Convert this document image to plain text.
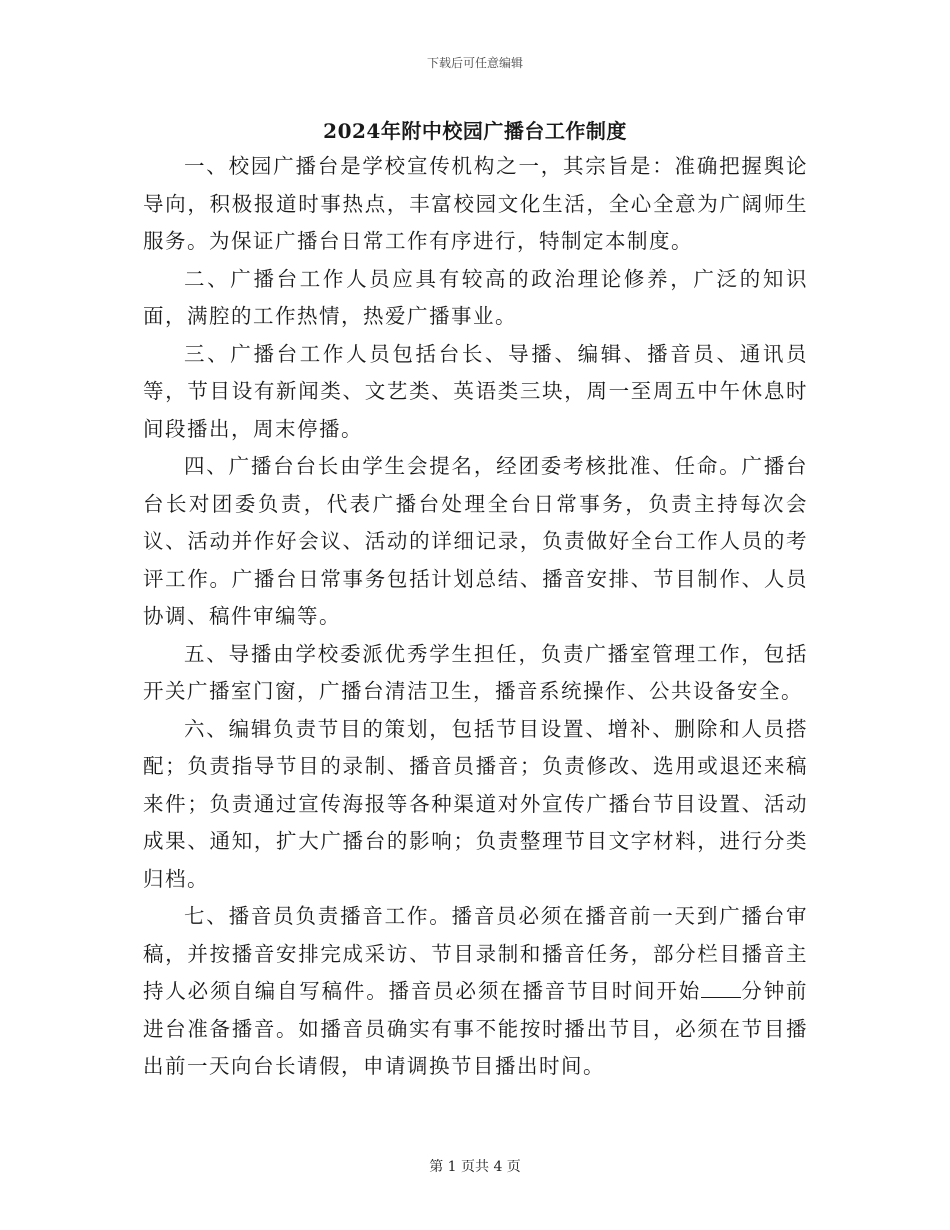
下载后可任意编辑
2024年附中校园广播台工作制度

一、校园广播台是学校宣传机构之一，其宗旨是：准确把握舆论导向，积极报道时事热点，丰富校园文化生活，全心全意为广阔师生服务。为保证广播台日常工作有序进行，特制定本制度。

二、广播台工作人员应具有较高的政治理论修养，广泛的知识面，满腔的工作热情，热爱广播事业。

三、广播台工作人员包括台长、导播、编辑、播音员、通讯员等，节目设有新闻类、文艺类、英语类三块，周一至周五中午休息时间段播出，周末停播。

四、广播台台长由学生会提名，经团委考核批准、任命。广播台台长对团委负责，代表广播台处理全台日常事务，负责主持每次会议、活动并作好会议、活动的详细记录，负责做好全台工作人员的考评工作。广播台日常事务包括计划总结、播音安排、节目制作、人员协调、稿件审编等。

五、导播由学校委派优秀学生担任，负责广播室管理工作，包括开关广播室门窗，广播台清洁卫生，播音系统操作、公共设备安全。

六、编辑负责节目的策划，包括节目设置、增补、删除和人员搭配；负责指导节目的录制、播音员播音；负责修改、选用或退还来稿来件；负责通过宣传海报等各种渠道对外宣传广播台节目设置、活动成果、通知，扩大广播台的影响；负责整理节目文字材料，进行分类归档。

七、播音员负责播音工作。播音员必须在播音前一天到广播台审稿，并按播音安排完成采访、节目录制和播音任务，部分栏目播音主持人必须自编自写稿件。播音员必须在播音节目时间开始 分钟前进台准备播音。如播音员确实有事不能按时播出节目，必须在节目播出前一天向台长请假，申请调换节目播出时间。

第 1 页共 4 页
